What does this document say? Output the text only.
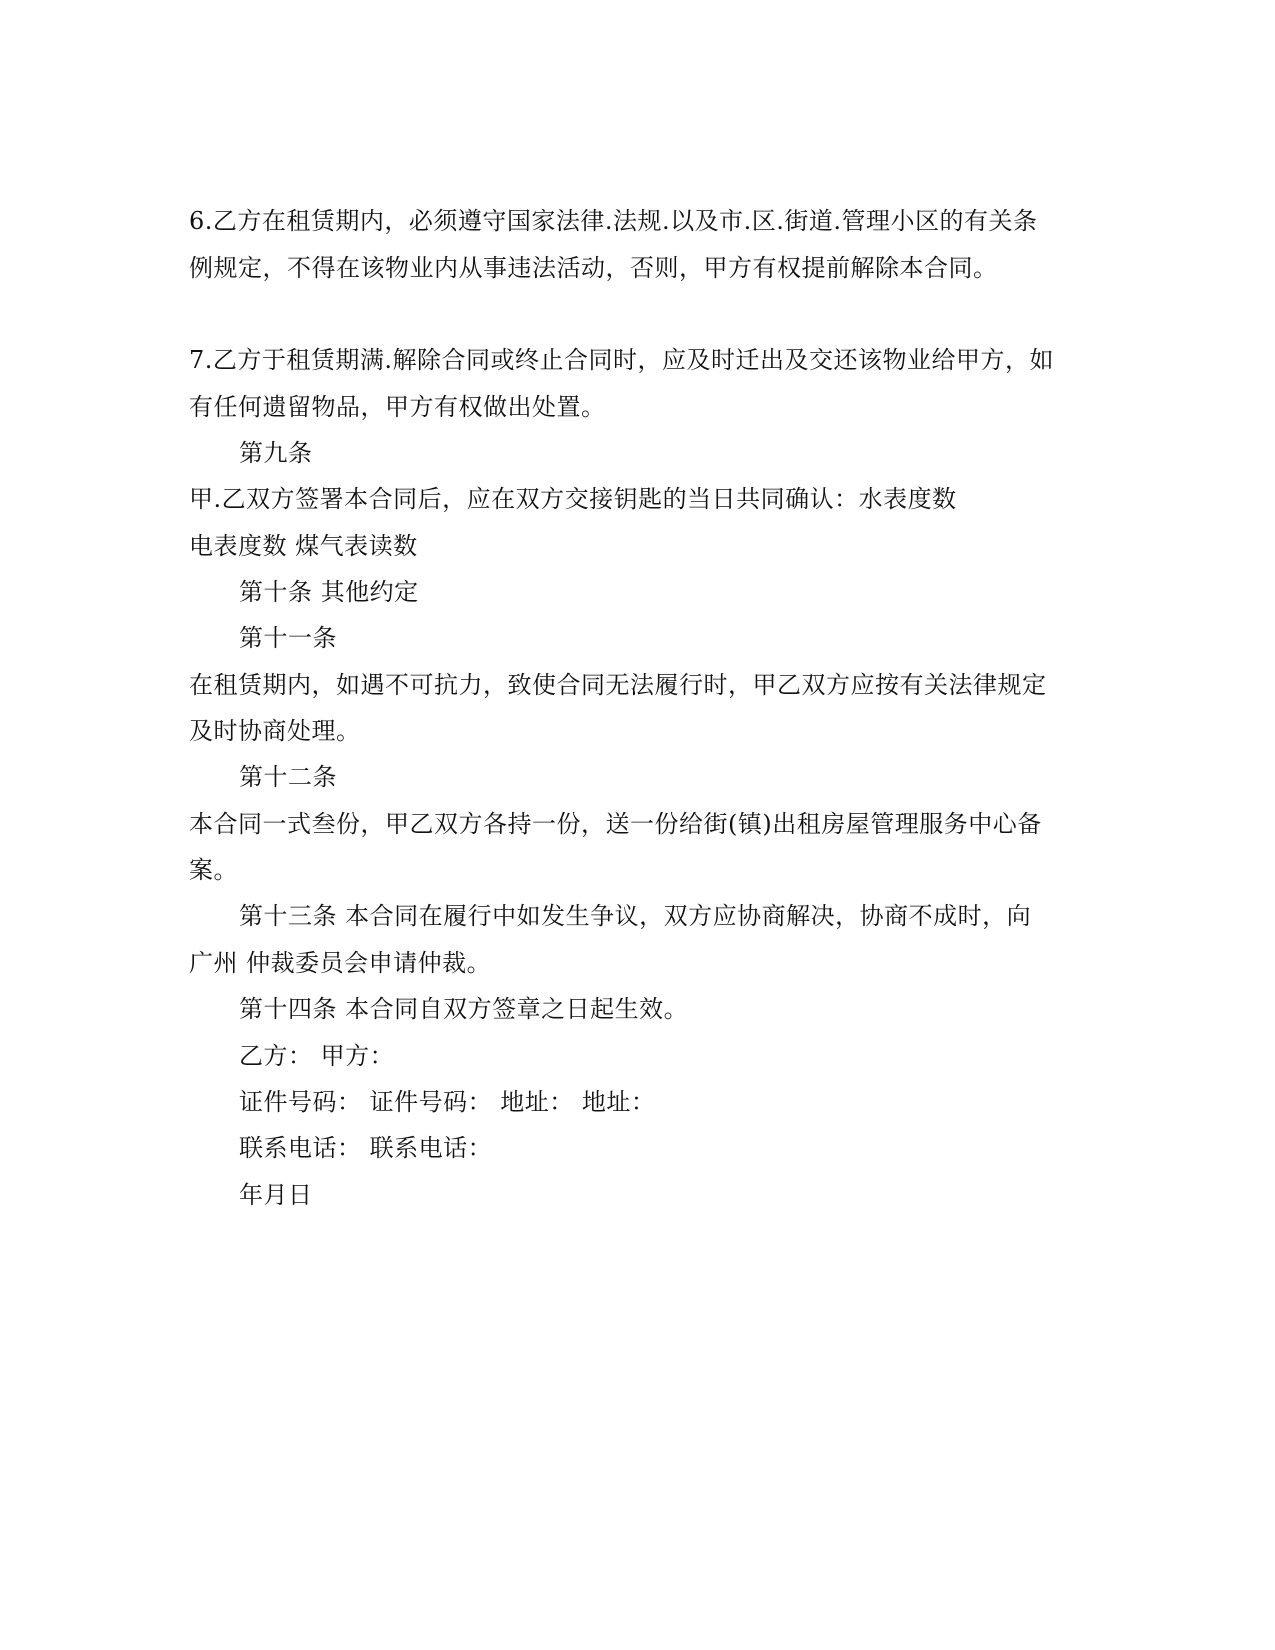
6.乙方在租赁期内，必须遵守国家法律.法规.以及市.区.街道.管理小区的有关条
例规定，不得在该物业内从事违法活动，否则，甲方有权提前解除本合同。
7.乙方于租赁期满.解除合同或终止合同时，应及时迁出及交还该物业给甲方，如
有任何遗留物品，甲方有权做出处置。
第九条
甲.乙双方签署本合同后，应在双方交接钥匙的当日共同确认：水表度数
电表度数 煤气表读数
第十条 其他约定
第十一条
在租赁期内，如遇不可抗力，致使合同无法履行时，甲乙双方应按有关法律规定
及时协商处理。
第十二条
本合同一式叁份，甲乙双方各持一份，送一份给街(镇)出租房屋管理服务中心备
案。
第十三条 本合同在履行中如发生争议，双方应协商解决，协商不成时，向
广州 仲裁委员会申请仲裁。
第十四条 本合同自双方签章之日起生效。
乙方： 甲方：
证件号码： 证件号码： 地址： 地址：
联系电话： 联系电话：
年月日
